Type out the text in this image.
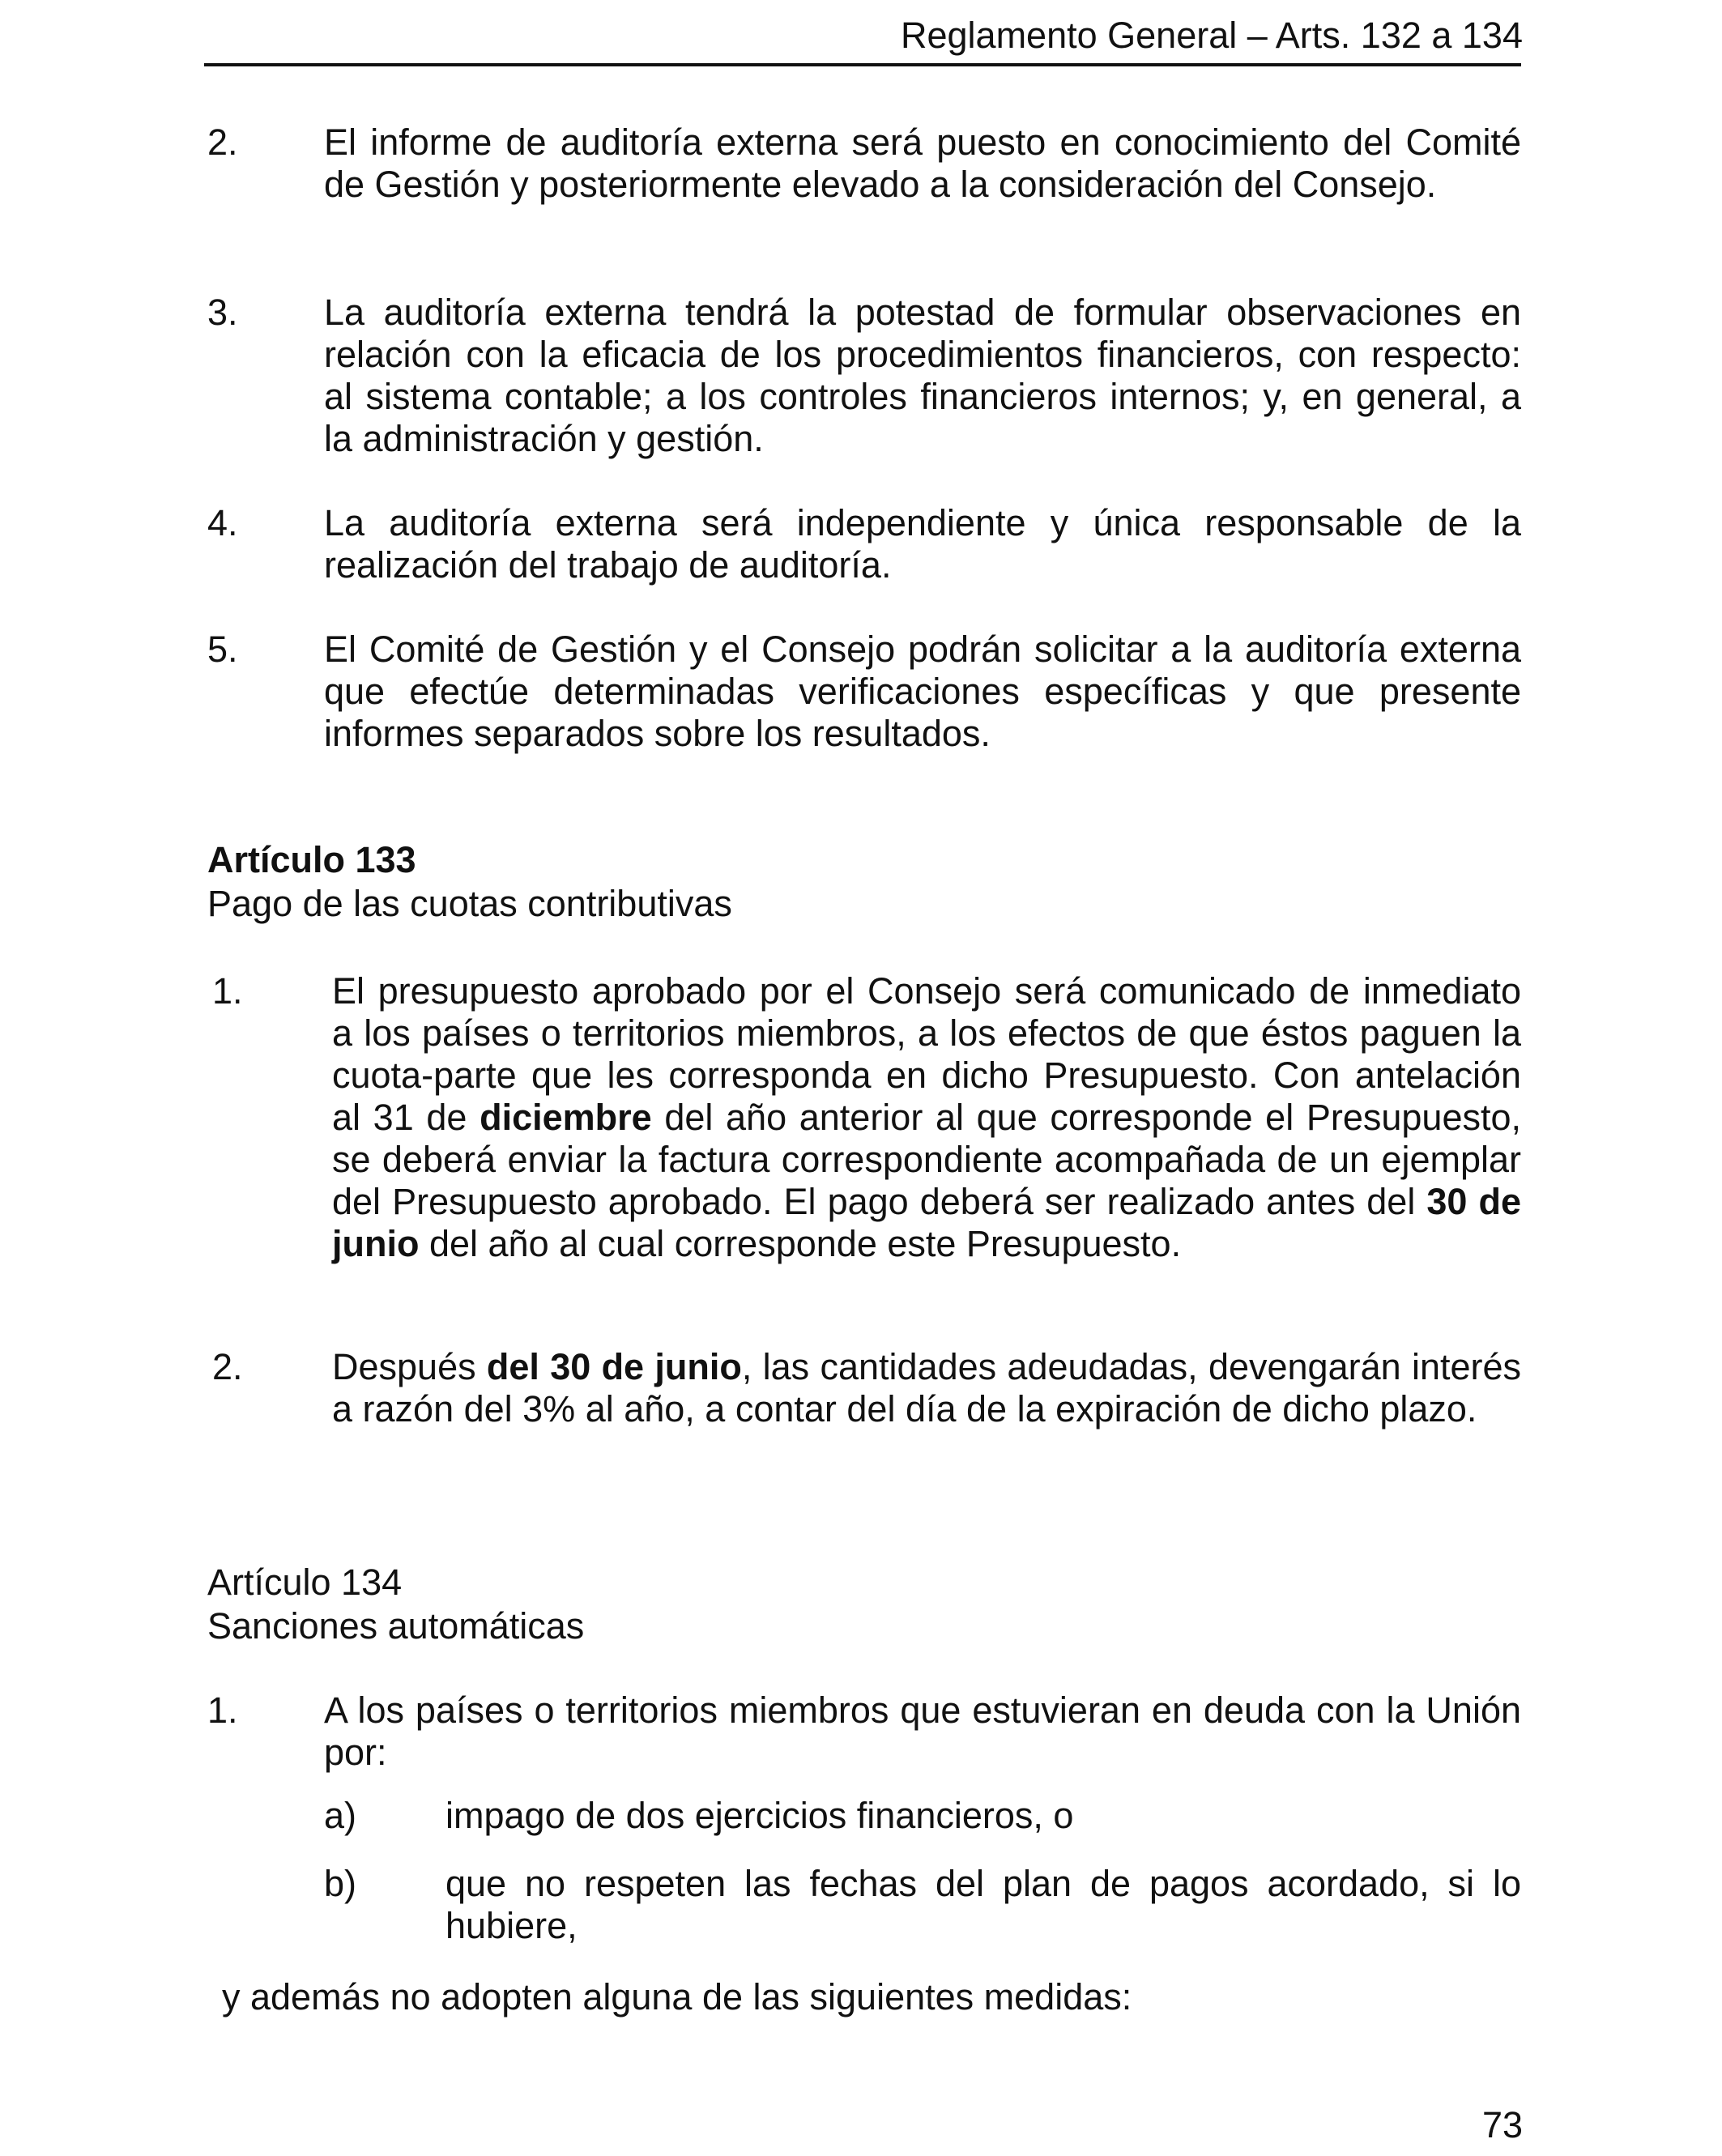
Reglamento General – Arts. 132 a 134
2.	El informe de auditoría externa será puesto en conocimiento del Comité de Gestión y posteriormente elevado a la consideración del Consejo.
3.	La auditoría externa tendrá la potestad de formular observaciones en relación con la eficacia de los procedimientos financieros, con respecto: al sistema contable; a los controles financieros internos; y, en general, a la administración y gestión.
4.	La auditoría externa será independiente y única responsable de la realización del trabajo de auditoría.
5.	El Comité de Gestión y el Consejo podrán solicitar a la auditoría externa que efectúe determinadas verificaciones específicas y que presente informes separados sobre los resultados.
Artículo 133
Pago de las cuotas contributivas
1.	El presupuesto aprobado por el Consejo será comunicado de inmediato a los países o territorios miembros, a los efectos de que éstos paguen la cuota-parte que les corresponda en dicho Presupuesto. Con antelación al 31 de diciembre del año anterior al que corresponde el Presupuesto, se deberá enviar la factura correspondiente acompañada de un ejemplar del Presupuesto aprobado. El pago deberá ser realizado antes del 30 de junio del año al cual corresponde este Presupuesto.
2.	Después del 30 de junio, las cantidades adeudadas, devengarán interés a razón del 3% al año, a contar del día de la expiración de dicho plazo.
Artículo 134
Sanciones automáticas
1.	A los países o territorios miembros que estuvieran en deuda con la Unión por:
a)	impago de dos ejercicios financieros, o
b)	que no respeten las fechas del plan de pagos acordado, si lo hubiere,
y además no adopten alguna de las siguientes medidas:
73
